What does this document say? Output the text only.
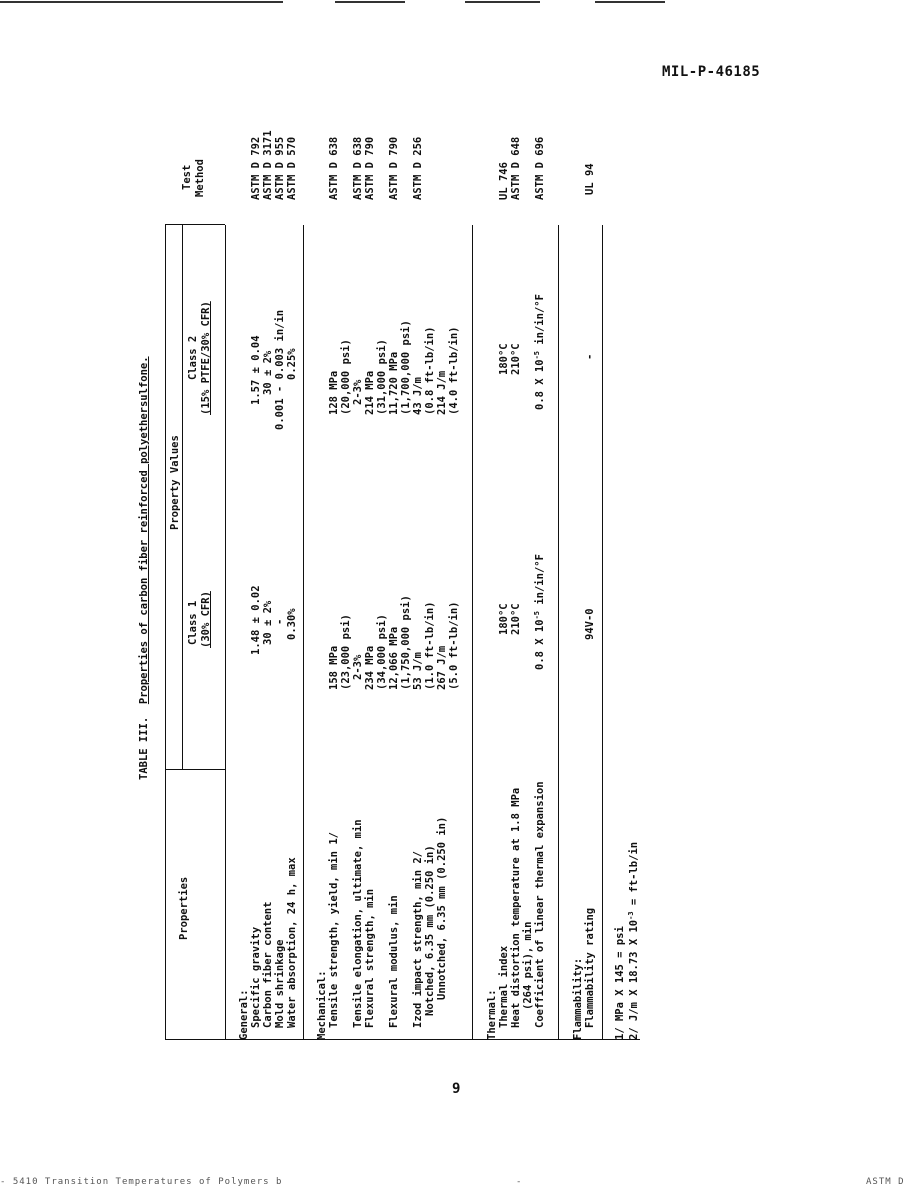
MIL-P-46185
TABLE III.  Properties of carbon fiber reinforced polyethersulfone.
Properties
Property Values
Class 1 (30% CFR)
Class 2 (15% PTFE/30% CFR)
Test Method
General: Specific gravity Carbon fiber content Mold shrinkage Water absorption, 24 h, max
1.48 ± 0.02 30 ± 2% - 0.30%
1.57 ± 0.04 30 ± 2% 0.001 - 0.003 in/in 0.25%
ASTM D 792 ASTM D 3171 ASTM D 955 ASTM D 570
Mechanical: Tensile strength, yield, min 1/ Tensile elongation, ultimate, min Flexural strength, min Flexural modulus, min Izod impact strength, min 2/ Notched, 6.35 mm (0.250 in) Unnotched, 6.35 mm (0.250 in)
158 MPa (23,000 psi) 2-3% 234 MPa (34,000 psi) 12,066 MPa (1,750,000 psi) 53 J/m (1.0 ft-lb/in) 267 J/m (5.0 ft-lb/in)
128 MPa (20,000 psi) 2-3% 214 MPa (31,000 psi) 11,720 MPa (1,700,000 psi) 43 J/m (0.8 ft-lb/in) 214 J/m (4.0 ft-lb/in)
ASTM D 638 ASTM D 638 ASTM D 790 ASTM D 790 ASTM D 256
Thermal: Thermal index Heat distortion temperature at 1.8 MPa (264 psi), min Coefficient of linear thermal expansion
180°C 210°C
0.8 X $10^{-5}$ in/in/°F
180°C 210°C
0.8 X $10^{-5}$ in/in/°F
UL 746 ASTM D 648 ASTM D 696
Flammability: Flammability rating
94V-0
-
UL 94
1/ MPa X 145 = psi 2/ J/m X 18.73 X $10^{-3} = ft-lb/in$
9
- 5410 Transition Temperatures of Polymers b	-	ASTM D
